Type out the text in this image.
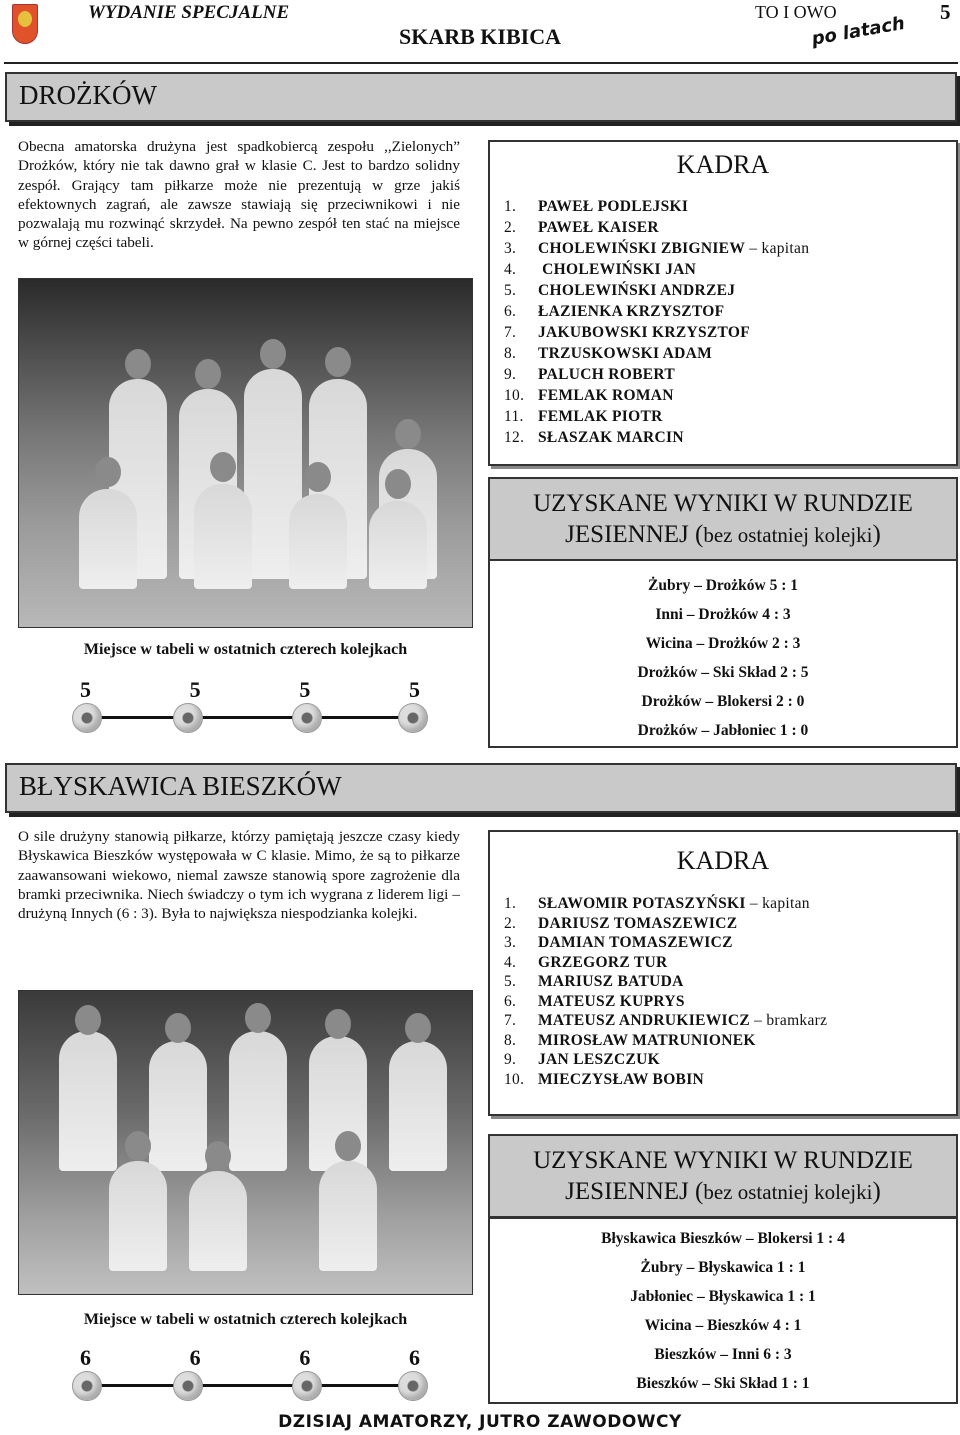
WYDANIE SPECJALNE
SKARB KIBICA
TO I OWO
po latach
5
DROŻKÓW
Obecna amatorska drużyna jest spadkobiercą zespołu ,,Zielonych” Drożków, który nie tak dawno grał w klasie C. Jest to bardzo solidny zespół. Grający tam piłkarze może nie prezentują w grze jakiś efektownych zagrań, ale zawsze stawiają się przeciwnikowi i nie pozwalają mu rozwinąć skrzydeł. Na pewno zespół ten stać na miejsce w górnej części tabeli.
Miejsce w tabeli w ostatnich czterech kolejkach
5	5	5	5
KADRA
1. PAWEŁ PODLEJSKI
2. PAWEŁ KAISER
3. CHOLEWIŃSKI ZBIGNIEW – kapitan
4. CHOLEWIŃSKI JAN
5. CHOLEWIŃSKI ANDRZEJ
6. ŁAZIENKA KRZYSZTOF
7. JAKUBOWSKI KRZYSZTOF
8. TRZUSKOWSKI ADAM
9. PALUCH ROBERT
10. FEMLAK ROMAN
11. FEMLAK PIOTR
12. SŁASZAK MARCIN
UZYSKANE WYNIKI W RUNDZIE JESIENNEJ (bez ostatniej kolejki)
Żubry – Drożków 5 : 1
Inni – Drożków 4 : 3
Wicina – Drożków 2 : 3
Drożków – Ski Skład 2 : 5
Drożków – Blokersi 2 : 0
Drożków – Jabłoniec 1 : 0
BŁYSKAWICA BIESZKÓW
O sile drużyny stanowią piłkarze, którzy pamiętają jeszcze czasy kiedy Błyskawica Bieszków występowała w C klasie. Mimo, że są to piłkarze zaawansowani wiekowo, niemal zawsze stanowią spore zagrożenie dla bramki przeciwnika. Niech świadczy o tym ich wygrana z liderem ligi – drużyną Innych (6 : 3). Była to największa niespodzianka kolejki.
Miejsce w tabeli w ostatnich czterech kolejkach
6	6	6	6
KADRA
1. SŁAWOMIR POTASZYŃSKI – kapitan
2. DARIUSZ TOMASZEWICZ
3. DAMIAN TOMASZEWICZ
4. GRZEGORZ TUR
5. MARIUSZ BATUDA
6. MATEUSZ KUPRYS
7. MATEUSZ ANDRUKIEWICZ – bramkarz
8. MIROSŁAW MATRUNIONEK
9. JAN LESZCZUK
10. MIECZYSŁAW BOBIN
UZYSKANE WYNIKI W RUNDZIE JESIENNEJ (bez ostatniej kolejki)
Błyskawica Bieszków – Blokersi 1 : 4
Żubry – Błyskawica 1 : 1
Jabłoniec – Błyskawica 1 : 1
Wicina – Bieszków 4 : 1
Bieszków – Inni 6 : 3
Bieszków – Ski Skład 1 : 1
DZISIAJ AMATORZY, JUTRO ZAWODOWCY
